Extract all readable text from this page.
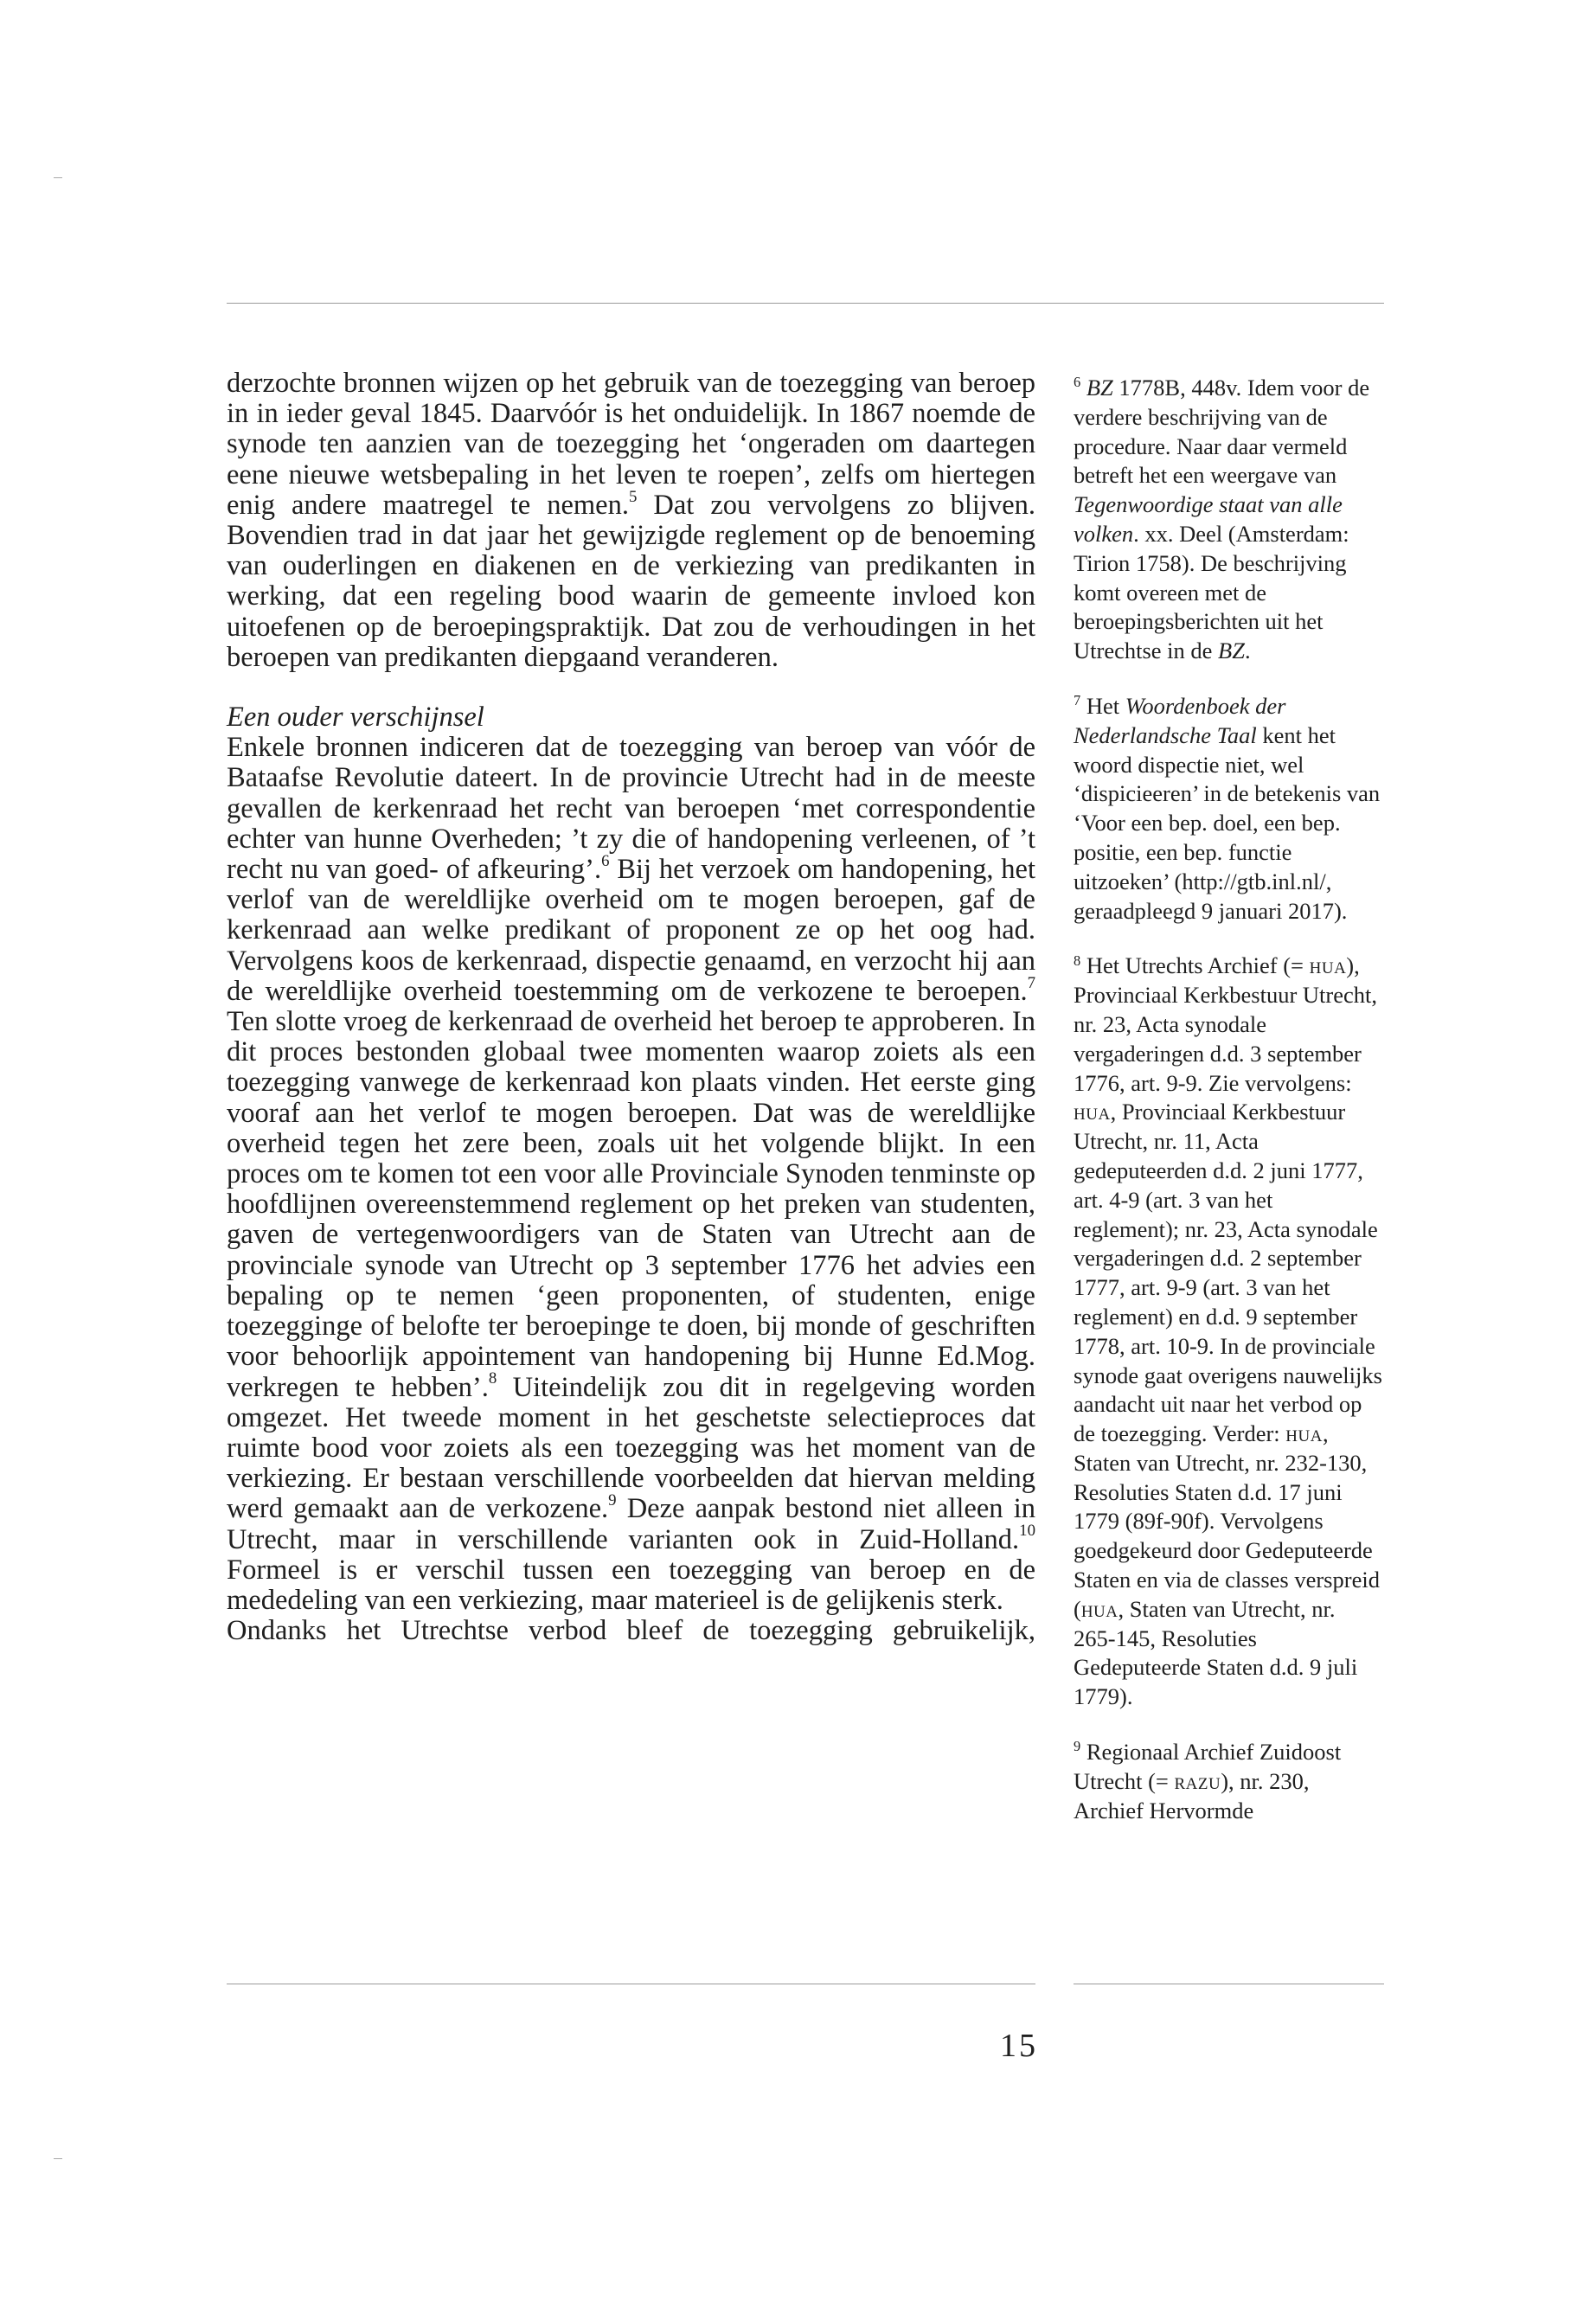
derzochte bronnen wijzen op het gebruik van de toezegging van beroep in in ieder geval 1845. Daarvóór is het onduidelijk. In 1867 noemde de synode ten aanzien van de toezegging het ‘ongeraden om daartegen eene nieuwe wetsbepaling in het leven te roepen’, zelfs om hiertegen enig andere maatregel te nemen.$^5$ Dat zou vervolgens zo blijven. Bovendien trad in dat jaar het gewijzigde reglement op de benoeming van ouderlingen en diakenen en de verkiezing van predikanten in werking, dat een regeling bood waarin de gemeente invloed kon uitoefenen op de beroepingspraktijk. Dat zou de verhoudingen in het beroepen van predikanten diepgaand veranderen.

Een ouder verschijnsel

Enkele bronnen indiceren dat de toezegging van beroep van vóór de Bataafse Revolutie dateert. In de provincie Utrecht had in de meeste gevallen de kerkenraad het recht van beroepen ‘met correspondentie echter van hunne Overheden; ’t zy die of handopening verleenen, of ’t recht nu van goed- of afkeuring’.$^6$ Bij het verzoek om handopening, het verlof van de wereldlijke overheid om te mogen beroepen, gaf de kerkenraad aan welke predikant of proponent ze op het oog had. Vervolgens koos de kerkenraad, dispectie genaamd, en verzocht hij aan de wereldlijke overheid toestemming om de verkozene te beroepen.$^7$ Ten slotte vroeg de kerkenraad de overheid het beroep te approberen. In dit proces bestonden globaal twee momenten waarop zoiets als een toezegging vanwege de kerkenraad kon plaats vinden. Het eerste ging vooraf aan het verlof te mogen beroepen. Dat was de wereldlijke overheid tegen het zere been, zoals uit het volgende blijkt. In een proces om te komen tot een voor alle Provinciale Synoden tenminste op hoofdlijnen overeenstemmend reglement op het preken van studenten, gaven de vertegenwoordigers van de Staten van Utrecht aan de provinciale synode van Utrecht op 3 september 1776 het advies een bepaling op te nemen ‘geen proponenten, of studenten, enige toezegginge of belofte ter beroepinge te doen, bij monde of geschriften voor behoorlijk appointement van handopening bij Hunne Ed.Mog. verkregen te hebben’.$^8$ Uiteindelijk zou dit in regelgeving worden omgezet. Het tweede moment in het geschetste selectieproces dat ruimte bood voor zoiets als een toezegging was het moment van de verkiezing. Er bestaan verschillende voorbeelden dat hiervan melding werd gemaakt aan de verkozene.$^9$ Deze aanpak bestond niet alleen in Utrecht, maar in verschillende varianten ook in Zuid-Holland.$^{10}$ Formeel is er verschil tussen een toezegging van beroep en de mededeling van een verkiezing, maar materieel is de gelijkenis sterk.

Ondanks het Utrechtse verbod bleef de toezegging gebruikelijk,

$^6$ BZ 1778B, 448v. Idem voor de verdere beschrijving van de procedure. Naar daar vermeld betreft het een weergave van Tegenwoordige staat van alle volken. xx. Deel (Amsterdam: Tirion 1758). De beschrijving komt overeen met de beroepingsberichten uit het Utrechtse in de BZ.

$^7$ Het Woordenboek der Nederlandsche Taal kent het woord dispectie niet, wel ‘dispicieeren’ in de betekenis van ‘Voor een bep. doel, een bep. positie, een bep. functie uitzoeken’ (http://gtb.inl.nl/, geraadpleegd 9 januari 2017).

$^8$ Het Utrechts Archief (= hua), Provinciaal Kerkbestuur Utrecht, nr. 23, Acta synodale vergaderingen d.d. 3 september 1776, art. 9-9. Zie vervolgens: hua, Provinciaal Kerkbestuur Utrecht, nr. 11, Acta gedeputeerden d.d. 2 juni 1777, art. 4-9 (art. 3 van het reglement); nr. 23, Acta synodale vergaderingen d.d. 2 september 1777, art. 9-9 (art. 3 van het reglement) en d.d. 9 september 1778, art. 10-9. In de provinciale synode gaat overigens nauwelijks aandacht uit naar het verbod op de toezegging. Verder: hua, Staten van Utrecht, nr. 232-130, Resoluties Staten d.d. 17 juni 1779 (89f-90f). Vervolgens goedgekeurd door Gedeputeerde Staten en via de classes verspreid (hua, Staten van Utrecht, nr. 265-145, Resoluties Gedeputeerde Staten d.d. 9 juli 1779).

$^9$ Regionaal Archief Zuidoost Utrecht (= razu), nr. 230, Archief Hervormde

15
